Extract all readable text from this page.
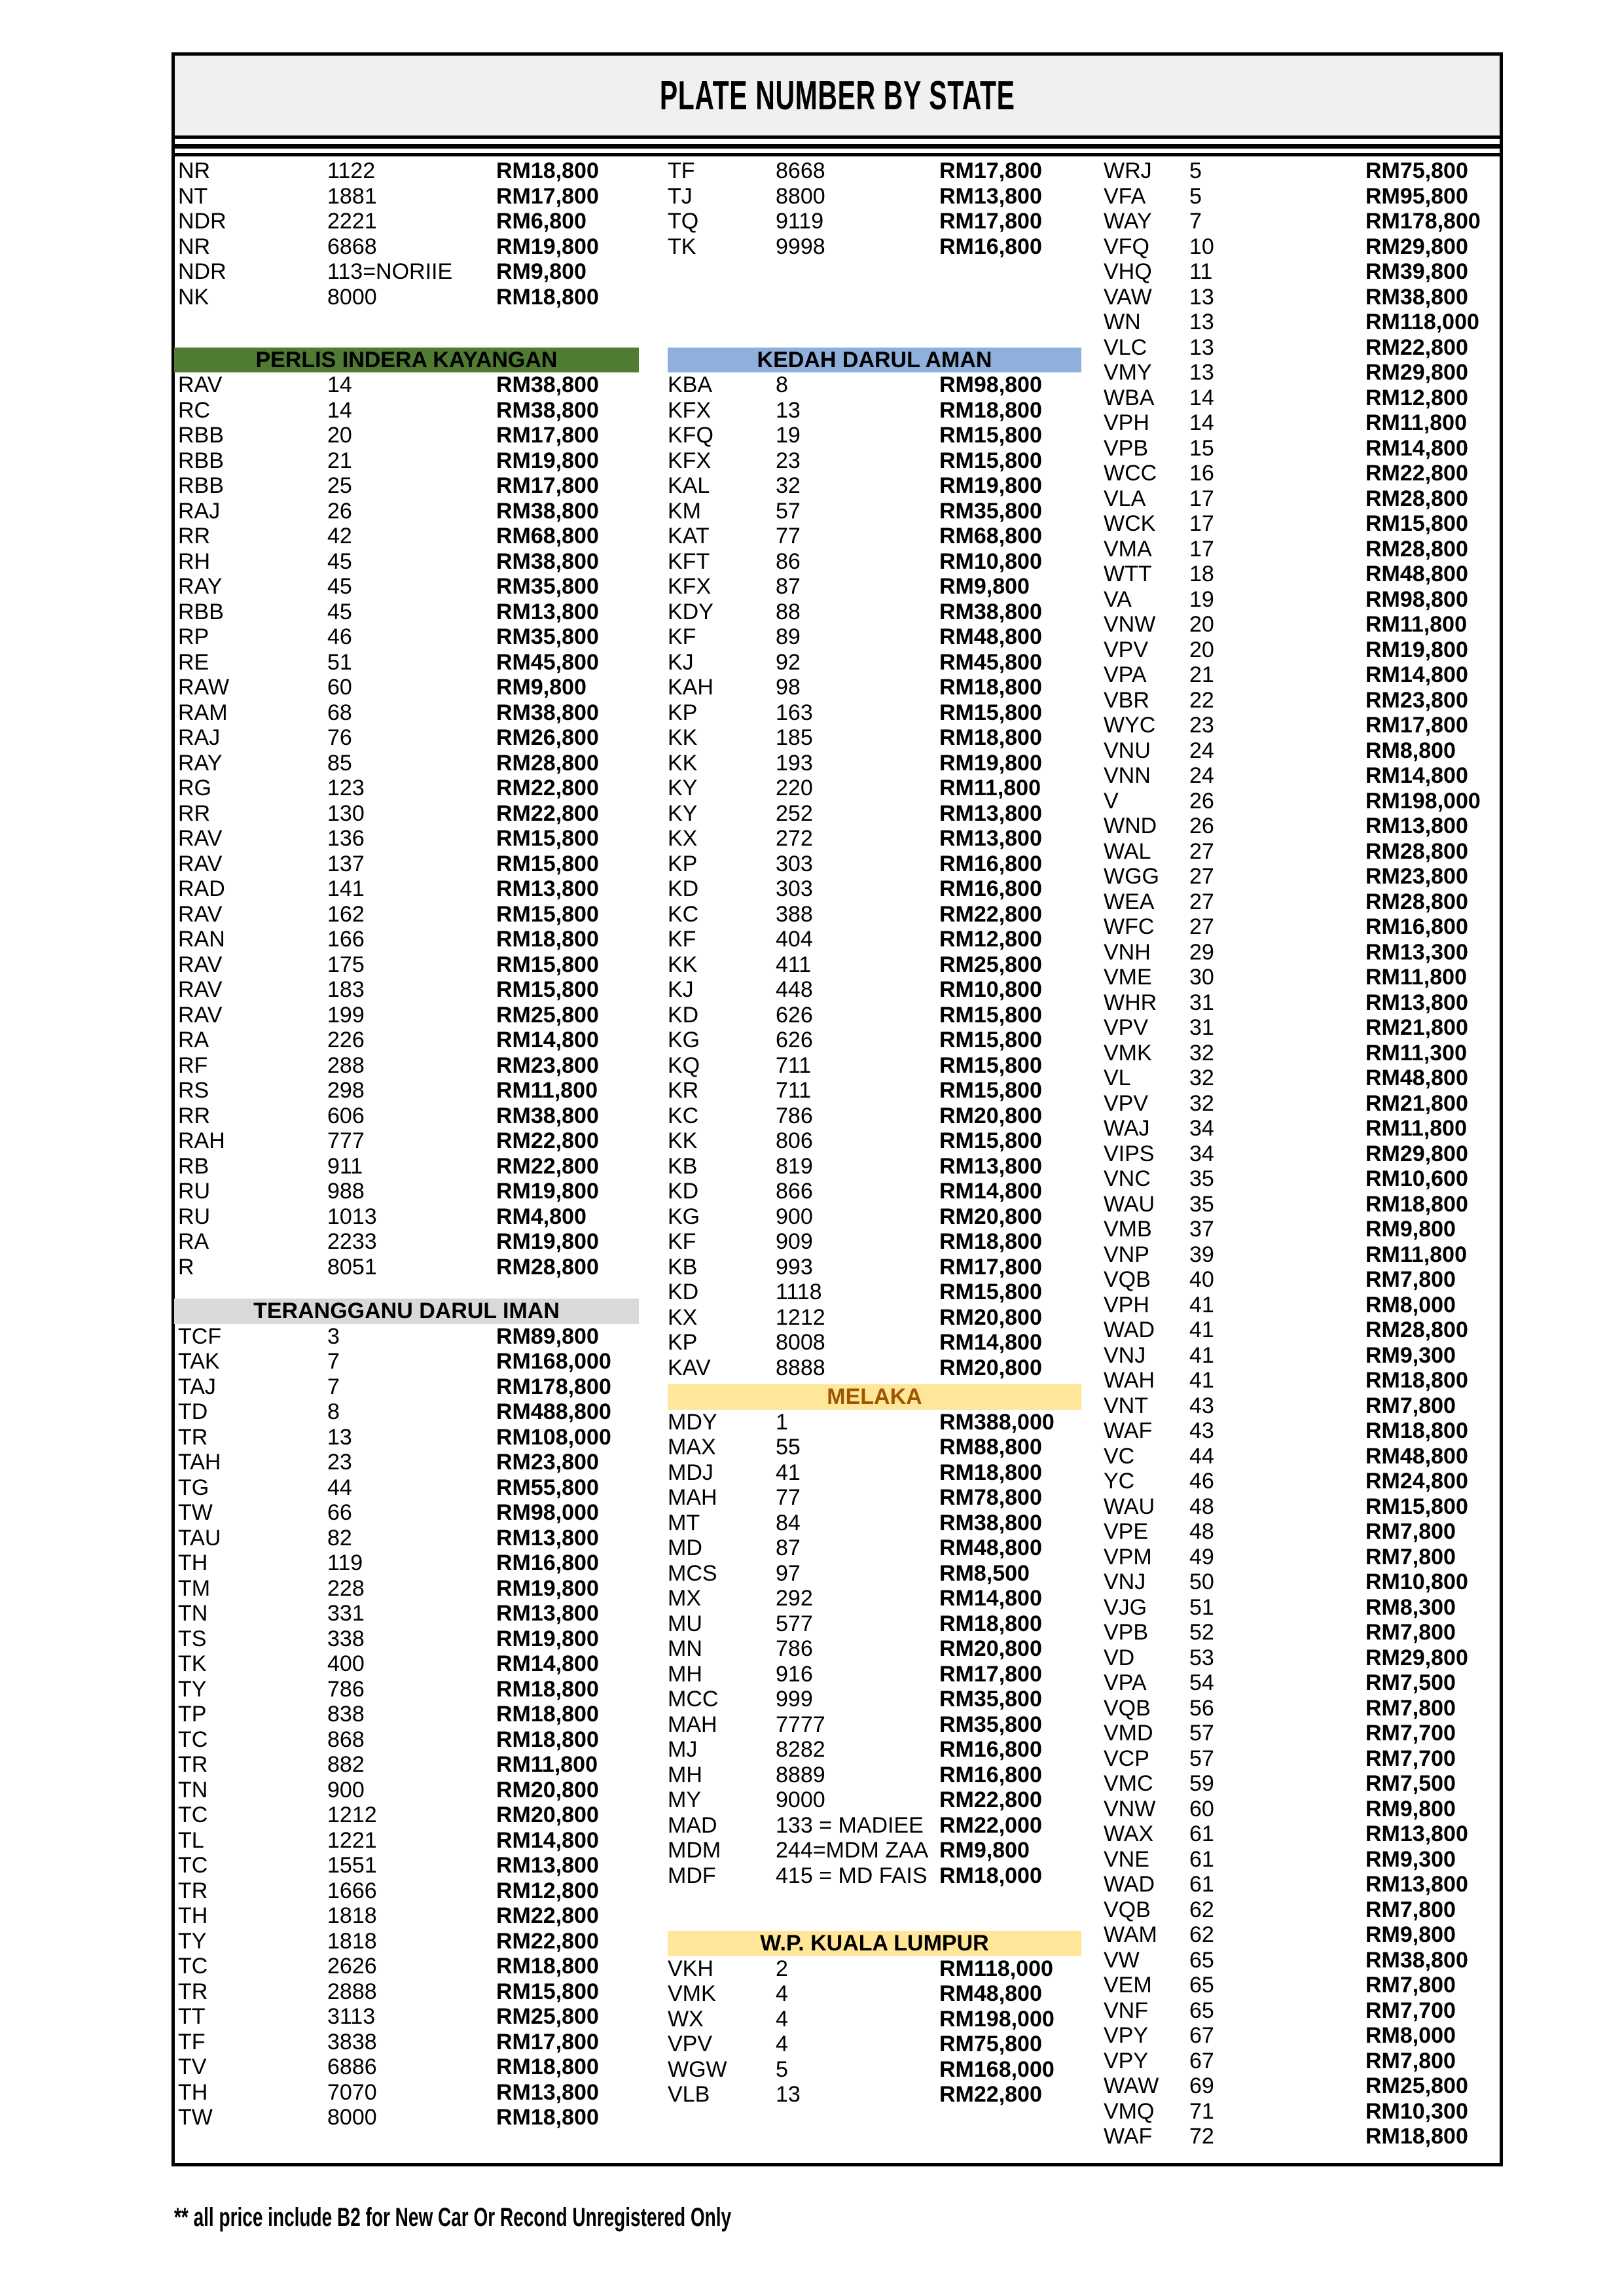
PLATE NUMBER BY STATE
NR	1122	RM18,800
NT	1881	RM17,800
NDR	2221	RM6,800
NR	6868	RM19,800
NDR	113=NORIIE RM9,800
NK	8000	RM18,800
PERLIS INDERA KAYANGAN
RAV	14	RM38,800
RC	14	RM38,800
RBB	20	RM17,800
RBB	21	RM19,800
RBB	25	RM17,800
RAJ	26	RM38,800
RR	42	RM68,800
RH	45	RM38,800
RAY	45	RM35,800
RBB	45	RM13,800
RP	46	RM35,800
RE	51	RM45,800
RAW	60	RM9,800
RAM	68	RM38,800
RAJ	76	RM26,800
RAY	85	RM28,800
RG	123	RM22,800
RR	130	RM22,800
RAV	136	RM15,800
RAV	137	RM15,800
RAD	141	RM13,800
RAV	162	RM15,800
RAN	166	RM18,800
RAV	175	RM15,800
RAV	183	RM15,800
RAV	199	RM25,800
RA	226	RM14,800
RF	288	RM23,800
RS	298	RM11,800
RR	606	RM38,800
RAH	777	RM22,800
RB	911	RM22,800
RU	988	RM19,800
RU	1013	RM4,800
RA	2233	RM19,800
R	8051	RM28,800
TERANGGANU DARUL IMAN
TCF	3	RM89,800
TAK	7	RM168,000
TAJ	7	RM178,800
TD	8	RM488,800
TR	13	RM108,000
TAH	23	RM23,800
TG	44	RM55,800
TW	66	RM98,000
TAU	82	RM13,800
TH	119	RM16,800
TM	228	RM19,800
TN	331	RM13,800
TS	338	RM19,800
TK	400	RM14,800
TY	786	RM18,800
TP	838	RM18,800
TC	868	RM18,800
TR	882	RM11,800
TN	900	RM20,800
TC	1212	RM20,800
TL	1221	RM14,800
TC	1551	RM13,800
TR	1666	RM12,800
TH	1818	RM22,800
TY	1818	RM22,800
TC	2626	RM18,800
TR	2888	RM15,800
TT	3113	RM25,800
TF	3838	RM17,800
TV	6886	RM18,800
TH	7070	RM13,800
TW	8000	RM18,800
TF	8668	RM17,800
TJ	8800	RM13,800
TQ	9119	RM17,800
TK	9998	RM16,800
KEDAH DARUL AMAN
KBA	8	RM98,800
KFX	13	RM18,800
KFQ	19	RM15,800
KFX	23	RM15,800
KAL	32	RM19,800
KM	57	RM35,800
KAT	77	RM68,800
KFT	86	RM10,800
KFX	87	RM9,800
KDY	88	RM38,800
KF	89	RM48,800
KJ	92	RM45,800
KAH	98	RM18,800
KP	163	RM15,800
KK	185	RM18,800
KK	193	RM19,800
KY	220	RM11,800
KY	252	RM13,800
KX	272	RM13,800
KP	303	RM16,800
KD	303	RM16,800
KC	388	RM22,800
KF	404	RM12,800
KK	411	RM25,800
KJ	448	RM10,800
KD	626	RM15,800
KG	626	RM15,800
KQ	711	RM15,800
KR	711	RM15,800
KC	786	RM20,800
KK	806	RM15,800
KB	819	RM13,800
KD	866	RM14,800
KG	900	RM20,800
KF	909	RM18,800
KB	993	RM17,800
KD	1118	RM15,800
KX	1212	RM20,800
KP	8008	RM14,800
KAV	8888	RM20,800
MELAKA
MDY	1	RM388,000
MAX	55	RM88,800
MDJ	41	RM18,800
MAH	77	RM78,800
MT	84	RM38,800
MD	87	RM48,800
MCS	97	RM8,500
MX	292	RM14,800
MU	577	RM18,800
MN	786	RM20,800
MH	916	RM17,800
MCC	999	RM35,800
MAH	7777	RM35,800
MJ	8282	RM16,800
MH	8889	RM16,800
MY	9000	RM22,800
MAD	133 = MADIEE RM22,000
MDM 244=MDM ZAA RM9,800
MDF	415 = MD FAIS RM18,000
W.P. KUALA LUMPUR
VKH	2	RM118,000
VMK	4	RM48,800
WX	4	RM198,000
VPV	4	RM75,800
WGW 5	RM168,000
VLB	13	RM22,800
WRJ 5	RM75,800
VFA 5	RM95,800
WAY 7	RM178,800
VFQ 10	RM29,800
VHQ 11	RM39,800
VAW 13	RM38,800
WN 13	RM118,000
VLC 13	RM22,800
VMY 13	RM29,800
WBA 14	RM12,800
VPH 14	RM11,800
VPB 15	RM14,800
WCC 16	RM22,800
VLA 17	RM28,800
WCK 17	RM15,800
VMA 17	RM28,800
WTT 18	RM48,800
VA	19	RM98,800
VNW 20	RM11,800
VPV 20	RM19,800
VPA 21	RM14,800
VBR 22	RM23,800
WYC 23	RM17,800
VNU 24	RM8,800
VNN 24	RM14,800
V	26	RM198,000
WND 26	RM13,800
WAL 27	RM28,800
WGG 27	RM23,800
WEA 27	RM28,800
WFC 27	RM16,800
VNH 29	RM13,300
VME 30	RM11,800
WHR 31	RM13,800
VPV 31	RM21,800
VMK 32	RM11,300
VL	32	RM48,800
VPV 32	RM21,800
WAJ 34	RM11,800
VIPS 34	RM29,800
VNC 35	RM10,600
WAU 35	RM18,800
VMB 37	RM9,800
VNP 39	RM11,800
VQB 40	RM7,800
VPH 41	RM8,000
WAD 41	RM28,800
VNJ 41	RM9,300
WAH 41	RM18,800
VNT 43	RM7,800
WAF 43	RM18,800
VC 44	RM48,800
YC 46	RM24,800
WAU 48	RM15,800
VPE 48	RM7,800
VPM 49	RM7,800
VNJ 50	RM10,800
VJG 51	RM8,300
VPB 52	RM7,800
VD 53	RM29,800
VPA 54	RM7,500
VQB 56	RM7,800
VMD 57	RM7,700
VCP 57	RM7,700
VMC 59	RM7,500
VNW 60	RM9,800
WAX 61	RM13,800
VNE 61	RM9,300
WAD 61	RM13,800
VQB 62	RM7,800
WAM 62	RM9,800
VW 65	RM38,800
VEM 65	RM7,800
VNF 65	RM7,700
VPY 67	RM8,000
VPY 67	RM7,800
WAW 69	RM25,800
VMQ 71	RM10,300
WAF 72	RM18,800
** all price include B2 for New Car Or Recond Unregistered Only
